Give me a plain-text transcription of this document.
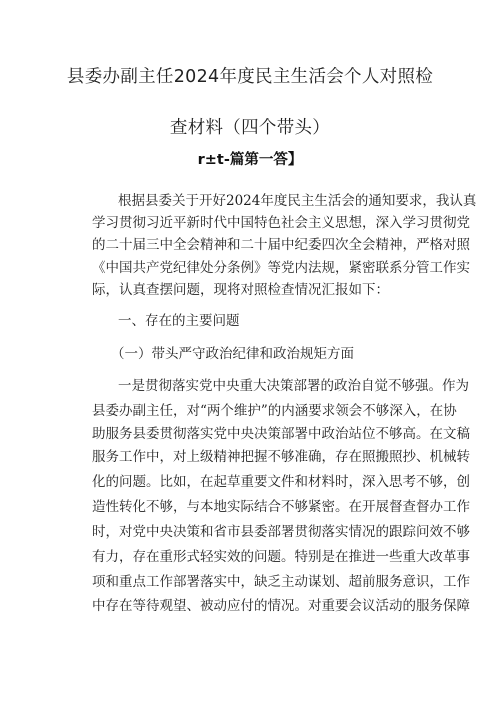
县委办副主任2024年度民主生活会个人对照检
查材料（四个带头）
r±t-篇第一答】
根据县委关于开好2024年度民主生活会的通知要求，我认真
学习贯彻习近平新时代中国特色社会主义思想，深入学习贯彻党
的二十届三中全会精神和二十届中纪委四次全会精神，严格对照
《中国共产党纪律处分条例》等党内法规，紧密联系分管工作实
际，认真查摆问题，现将对照检查情况汇报如下：
一、存在的主要问题
（一）带头严守政治纪律和政治规矩方面
一是贯彻落实党中央重大决策部署的政治自觉不够强。作为
县委办副主任，对“两个维护”的内涵要求领会不够深入，在协
助服务县委贯彻落实党中央决策部署中政治站位不够高。在文稿
服务工作中，对上级精神把握不够准确，存在照搬照抄、机械转
化的问题。比如，在起草重要文件和材料时，深入思考不够，创
造性转化不够，与本地实际结合不够紧密。在开展督查督办工作
时，对党中央决策和省市县委部署贯彻落实情况的跟踪问效不够
有力，存在重形式轻实效的问题。特别是在推进一些重大改革事
项和重点工作部署落实中，缺乏主动谋划、超前服务意识，工作
中存在等待观望、被动应付的情况。对重要会议活动的服务保障
